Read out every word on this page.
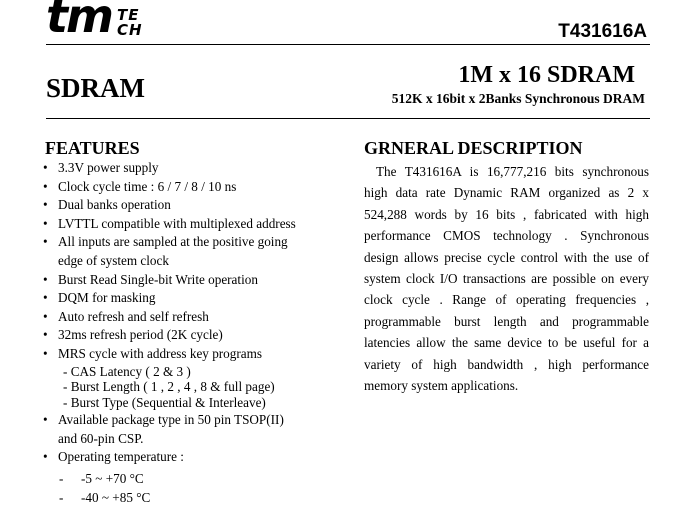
tm TE
CH	T431616A
SDRAM	1M x 16 SDRAM
512K x 16bit x 2Banks Synchronous DRAM
FEATURES
• 3.3V power supply
• Clock cycle time : 6 / 7 / 8 / 10 ns
• Dual banks operation
• LVTTL compatible with multiplexed address
• All inputs are sampled at the positive going
edge of system clock
• Burst Read Single-bit Write operation
• DQM for masking
• Auto refresh and self refresh
• 32ms refresh period (2K cycle)
• MRS cycle with address key programs
- CAS Latency ( 2 & 3 )
- Burst Length ( 1 , 2 , 4 , 8 & full page)
- Burst Type (Sequential & Interleave)
• Available package type in 50 pin TSOP(II)
and 60-pin CSP.
• Operating temperature :
- -5 ~ +70 °C
- -40 ~ +85 °C
GRNERAL DESCRIPTION

The T431616A is 16,777,216 bits synchronous high data rate Dynamic RAM organized as 2 x 524,288 words by 16 bits , fabricated with high performance CMOS technology . Synchronous design allows precise cycle control with the use of system clock I/O transactions are possible on every clock cycle . Range of operating frequencies , programmable burst length and programmable latencies allow the same device to be useful for a variety of high bandwidth , high performance memory system applications.
